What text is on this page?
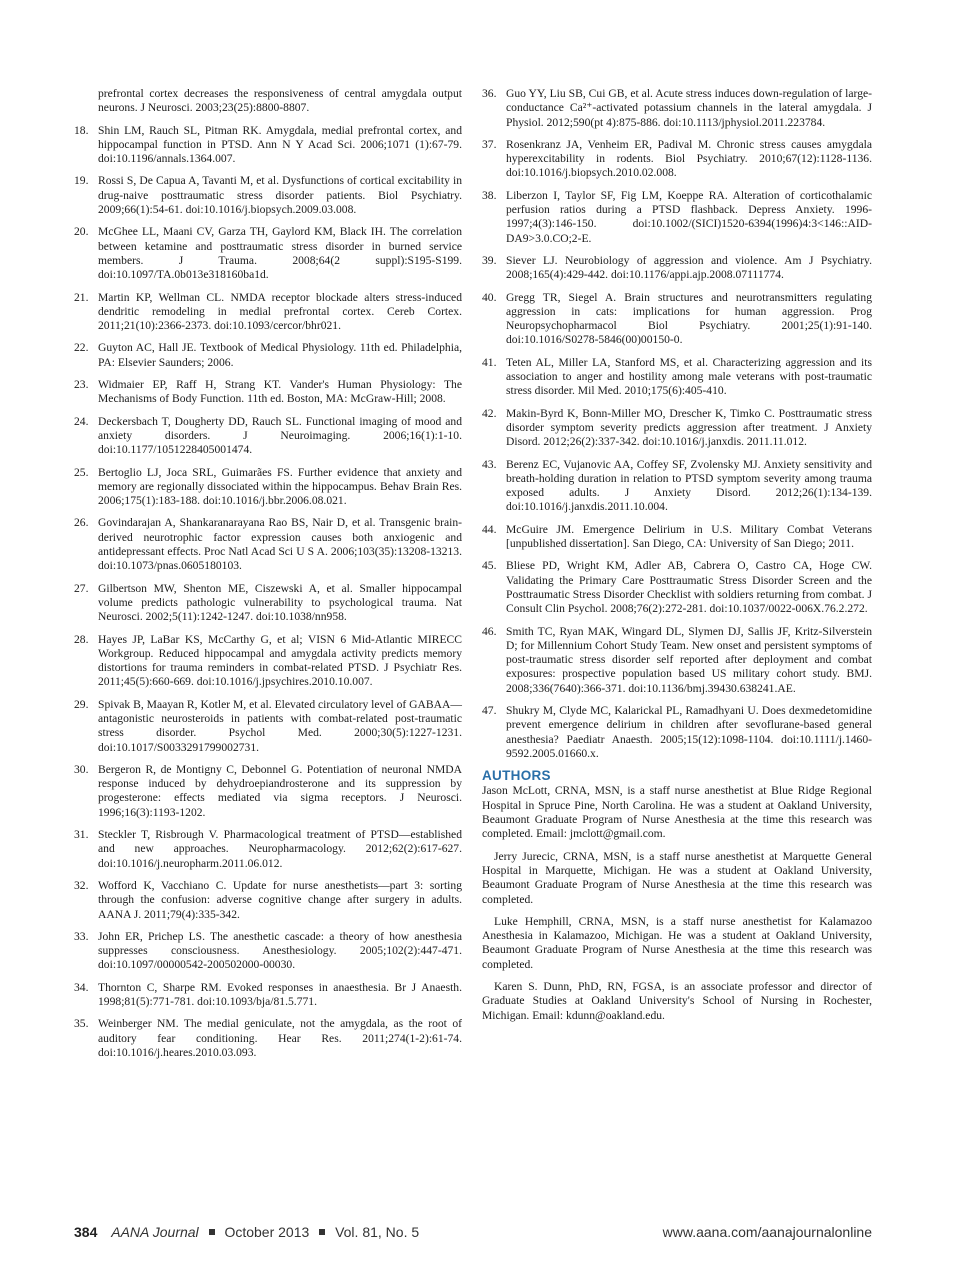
prefrontal cortex decreases the responsiveness of central amygdala output neurons. J Neurosci. 2003;23(25):8800-8807.

18. Shin LM, Rauch SL, Pitman RK. Amygdala, medial prefrontal cortex, and hippocampal function in PTSD. Ann N Y Acad Sci. 2006;1071 (1):67-79. doi:10.1196/annals.1364.007.
19. Rossi S, De Capua A, Tavanti M, et al. Dysfunctions of cortical excitability in drug-naive posttraumatic stress disorder patients. Biol Psychiatry. 2009;66(1):54-61. doi:10.1016/j.biopsych.2009.03.008.
20. McGhee LL, Maani CV, Garza TH, Gaylord KM, Black IH. The correlation between ketamine and posttraumatic stress disorder in burned service members. J Trauma. 2008;64(2 suppl):S195-S199. doi:10.1097/TA.0b013e318160ba1d.
21. Martin KP, Wellman CL. NMDA receptor blockade alters stress-induced dendritic remodeling in medial prefrontal cortex. Cereb Cortex. 2011;21(10):2366-2373. doi:10.1093/cercor/bhr021.
22. Guyton AC, Hall JE. Textbook of Medical Physiology. 11th ed. Philadelphia, PA: Elsevier Saunders; 2006.
23. Widmaier EP, Raff H, Strang KT. Vander's Human Physiology: The Mechanisms of Body Function. 11th ed. Boston, MA: McGraw-Hill; 2008.
24. Deckersbach T, Dougherty DD, Rauch SL. Functional imaging of mood and anxiety disorders. J Neuroimaging. 2006;16(1):1-10. doi:10.1177/1051228405001474.
25. Bertoglio LJ, Joca SRL, Guimarães FS. Further evidence that anxiety and memory are regionally dissociated within the hippocampus. Behav Brain Res. 2006;175(1):183-188. doi:10.1016/j.bbr.2006.08.021.
26. Govindarajan A, Shankaranarayana Rao BS, Nair D, et al. Transgenic brain-derived neurotrophic factor expression causes both anxiogenic and antidepressant effects. Proc Natl Acad Sci U S A. 2006;103(35):13208-13213. doi:10.1073/pnas.0605180103.
27. Gilbertson MW, Shenton ME, Ciszewski A, et al. Smaller hippocampal volume predicts pathologic vulnerability to psychological trauma. Nat Neurosci. 2002;5(11):1242-1247. doi:10.1038/nn958.
28. Hayes JP, LaBar KS, McCarthy G, et al; VISN 6 Mid-Atlantic MIRECC Workgroup. Reduced hippocampal and amygdala activity predicts memory distortions for trauma reminders in combat-related PTSD. J Psychiatr Res. 2011;45(5):660-669. doi:10.1016/j.jpsychires.2010.10.007.
29. Spivak B, Maayan R, Kotler M, et al. Elevated circulatory level of GABAA—antagonistic neurosteroids in patients with combat-related post-traumatic stress disorder. Psychol Med. 2000;30(5):1227-1231. doi:10.1017/S0033291799002731.
30. Bergeron R, de Montigny C, Debonnel G. Potentiation of neuronal NMDA response induced by dehydroepiandrosterone and its suppression by progesterone: effects mediated via sigma receptors. J Neurosci. 1996;16(3):1193-1202.
31. Steckler T, Risbrough V. Pharmacological treatment of PTSD—established and new approaches. Neuropharmacology. 2012;62(2):617-627. doi:10.1016/j.neuropharm.2011.06.012.
32. Wofford K, Vacchiano C. Update for nurse anesthetists—part 3: sorting through the confusion: adverse cognitive change after surgery in adults. AANA J. 2011;79(4):335-342.
33. John ER, Prichep LS. The anesthetic cascade: a theory of how anesthesia suppresses consciousness. Anesthesiology. 2005;102(2):447-471. doi:10.1097/00000542-200502000-00030.
34. Thornton C, Sharpe RM. Evoked responses in anaesthesia. Br J Anaesth. 1998;81(5):771-781. doi:10.1093/bja/81.5.771.
35. Weinberger NM. The medial geniculate, not the amygdala, as the root of auditory fear conditioning. Hear Res. 2011;274(1-2):61-74. doi:10.1016/j.heares.2010.03.093.
36. Guo YY, Liu SB, Cui GB, et al. Acute stress induces down-regulation of large-conductance Ca²⁺-activated potassium channels in the lateral amygdala. J Physiol. 2012;590(pt 4):875-886. doi:10.1113/jphysiol.2011.223784.
37. Rosenkranz JA, Venheim ER, Padival M. Chronic stress causes amygdala hyperexcitability in rodents. Biol Psychiatry. 2010;67(12):1128-1136. doi:10.1016/j.biopsych.2010.02.008.
38. Liberzon I, Taylor SF, Fig LM, Koeppe RA. Alteration of corticothalamic perfusion ratios during a PTSD flashback. Depress Anxiety. 1996-1997;4(3):146-150. doi:10.1002/(SICI)1520-6394(1996)4:3<146::AID-DA9>3.0.CO;2-E.
39. Siever LJ. Neurobiology of aggression and violence. Am J Psychiatry. 2008;165(4):429-442. doi:10.1176/appi.ajp.2008.07111774.
40. Gregg TR, Siegel A. Brain structures and neurotransmitters regulating aggression in cats: implications for human aggression. Prog Neuropsychopharmacol Biol Psychiatry. 2001;25(1):91-140. doi:10.1016/S0278-5846(00)00150-0.
41. Teten AL, Miller LA, Stanford MS, et al. Characterizing aggression and its association to anger and hostility among male veterans with post-traumatic stress disorder. Mil Med. 2010;175(6):405-410.
42. Makin-Byrd K, Bonn-Miller MO, Drescher K, Timko C. Posttraumatic stress disorder symptom severity predicts aggression after treatment. J Anxiety Disord. 2012;26(2):337-342. doi:10.1016/j.janxdis. 2011.11.012.
43. Berenz EC, Vujanovic AA, Coffey SF, Zvolensky MJ. Anxiety sensitivity and breath-holding duration in relation to PTSD symptom severity among trauma exposed adults. J Anxiety Disord. 2012;26(1):134-139. doi:10.1016/j.janxdis.2011.10.004.
44. McGuire JM. Emergence Delirium in U.S. Military Combat Veterans [unpublished dissertation]. San Diego, CA: University of San Diego; 2011.
45. Bliese PD, Wright KM, Adler AB, Cabrera O, Castro CA, Hoge CW. Validating the Primary Care Posttraumatic Stress Disorder Screen and the Posttraumatic Stress Disorder Checklist with soldiers returning from combat. J Consult Clin Psychol. 2008;76(2):272-281. doi:10.1037/0022-006X.76.2.272.
46. Smith TC, Ryan MAK, Wingard DL, Slymen DJ, Sallis JF, Kritz-Silverstein D; for Millennium Cohort Study Team. New onset and persistent symptoms of post-traumatic stress disorder self reported after deployment and combat exposures: prospective population based US military cohort study. BMJ. 2008;336(7640):366-371. doi:10.1136/bmj.39430.638241.AE.
47. Shukry M, Clyde MC, Kalarickal PL, Ramadhyani U. Does dexmedetomidine prevent emergence delirium in children after sevoflurane-based general anesthesia? Paediatr Anaesth. 2005;15(12):1098-1104. doi:10.1111/j.1460-9592.2005.01660.x.
AUTHORS

Jason McLott, CRNA, MSN, is a staff nurse anesthetist at Blue Ridge Regional Hospital in Spruce Pine, North Carolina. He was a student at Oakland University, Beaumont Graduate Program of Nurse Anesthesia at the time this research was completed. Email: jmclott@gmail.com.

Jerry Jurecic, CRNA, MSN, is a staff nurse anesthetist at Marquette General Hospital in Marquette, Michigan. He was a student at Oakland University, Beaumont Graduate Program of Nurse Anesthesia at the time this research was completed.

Luke Hemphill, CRNA, MSN, is a staff nurse anesthetist for Kalamazoo Anesthesia in Kalamazoo, Michigan. He was a student at Oakland University, Beaumont Graduate Program of Nurse Anesthesia at the time this research was completed.

Karen S. Dunn, PhD, RN, FGSA, is an associate professor and director of Graduate Studies at Oakland University's School of Nursing in Rochester, Michigan. Email: kdunn@oakland.edu.

384 AANA Journal October 2013 Vol. 81, No. 5	www.aana.com/aanajournalonline
